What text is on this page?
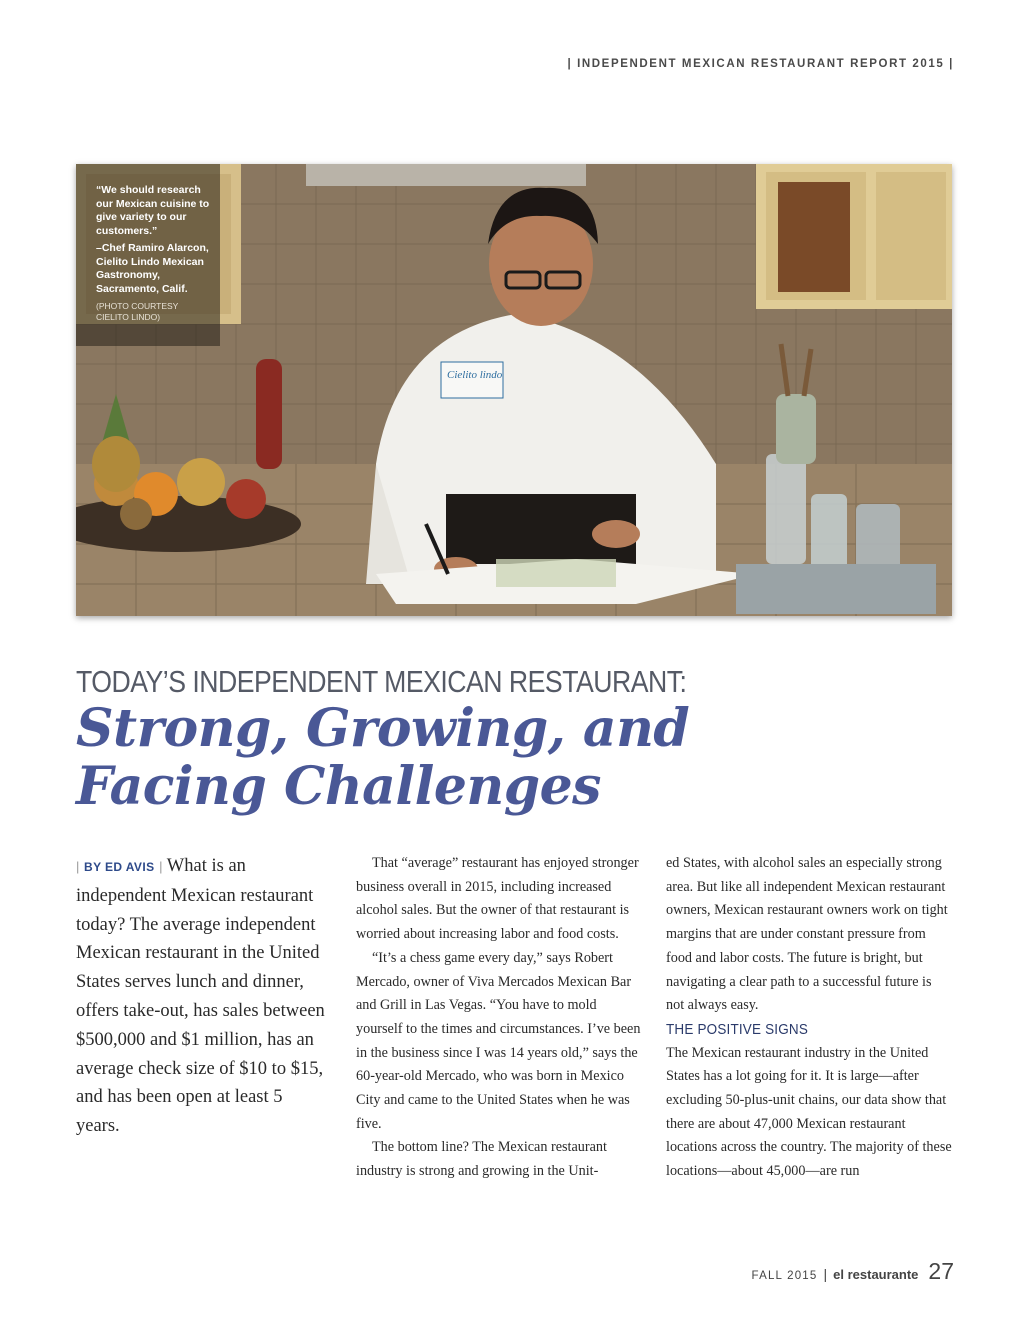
| INDEPENDENT MEXICAN RESTAURANT REPORT 2015 |
Cielito lindo

“We should research our Mexican cuisine to give variety to our customers.”

–Chef Ramiro Alarcon, Cielito Lindo Mexican Gastronomy, Sacramento, Calif.

(PHOTO COURTESY CIELITO LINDO)

TODAY’S INDEPENDENT MEXICAN RESTAURANT:
Strong, Growing, and
Facing Challenges
| BY ED AVIS | What is an independent Mexican restaurant today? The average independent Mexican restaurant in the United States serves lunch and dinner, offers take-out, has sales between $500,000 and $1 million, has an average check size of $10 to $15, and has been open at least 5 years.

That “average” restaurant has enjoyed stronger business overall in 2015, including increased alcohol sales. But the owner of that restaurant is worried about increasing labor and food costs.

“It’s a chess game every day,” says Robert Mercado, owner of Viva Mercados Mexican Bar and Grill in Las Vegas. “You have to mold yourself to the times and circumstances. I’ve been in the business since I was 14 years old,” says the 60-year-old Mercado, who was born in Mexico City and came to the United States when he was five.

The bottom line? The Mexican restaurant industry is strong and growing in the Unit-

ed States, with alcohol sales an especially strong area. But like all independent Mexican restaurant owners, Mexican restaurant owners work on tight margins that are under constant pressure from food and labor costs. The future is bright, but navigating a clear path to a successful future is not always easy.

THE POSITIVE SIGNS

The Mexican restaurant industry in the United States has a lot going for it. It is large—after excluding 50-plus-unit chains, our data show that there are about 47,000 Mexican restaurant locations across the country. The majority of these locations—about 45,000—are run

FALL 2015 | el restaurante 27
